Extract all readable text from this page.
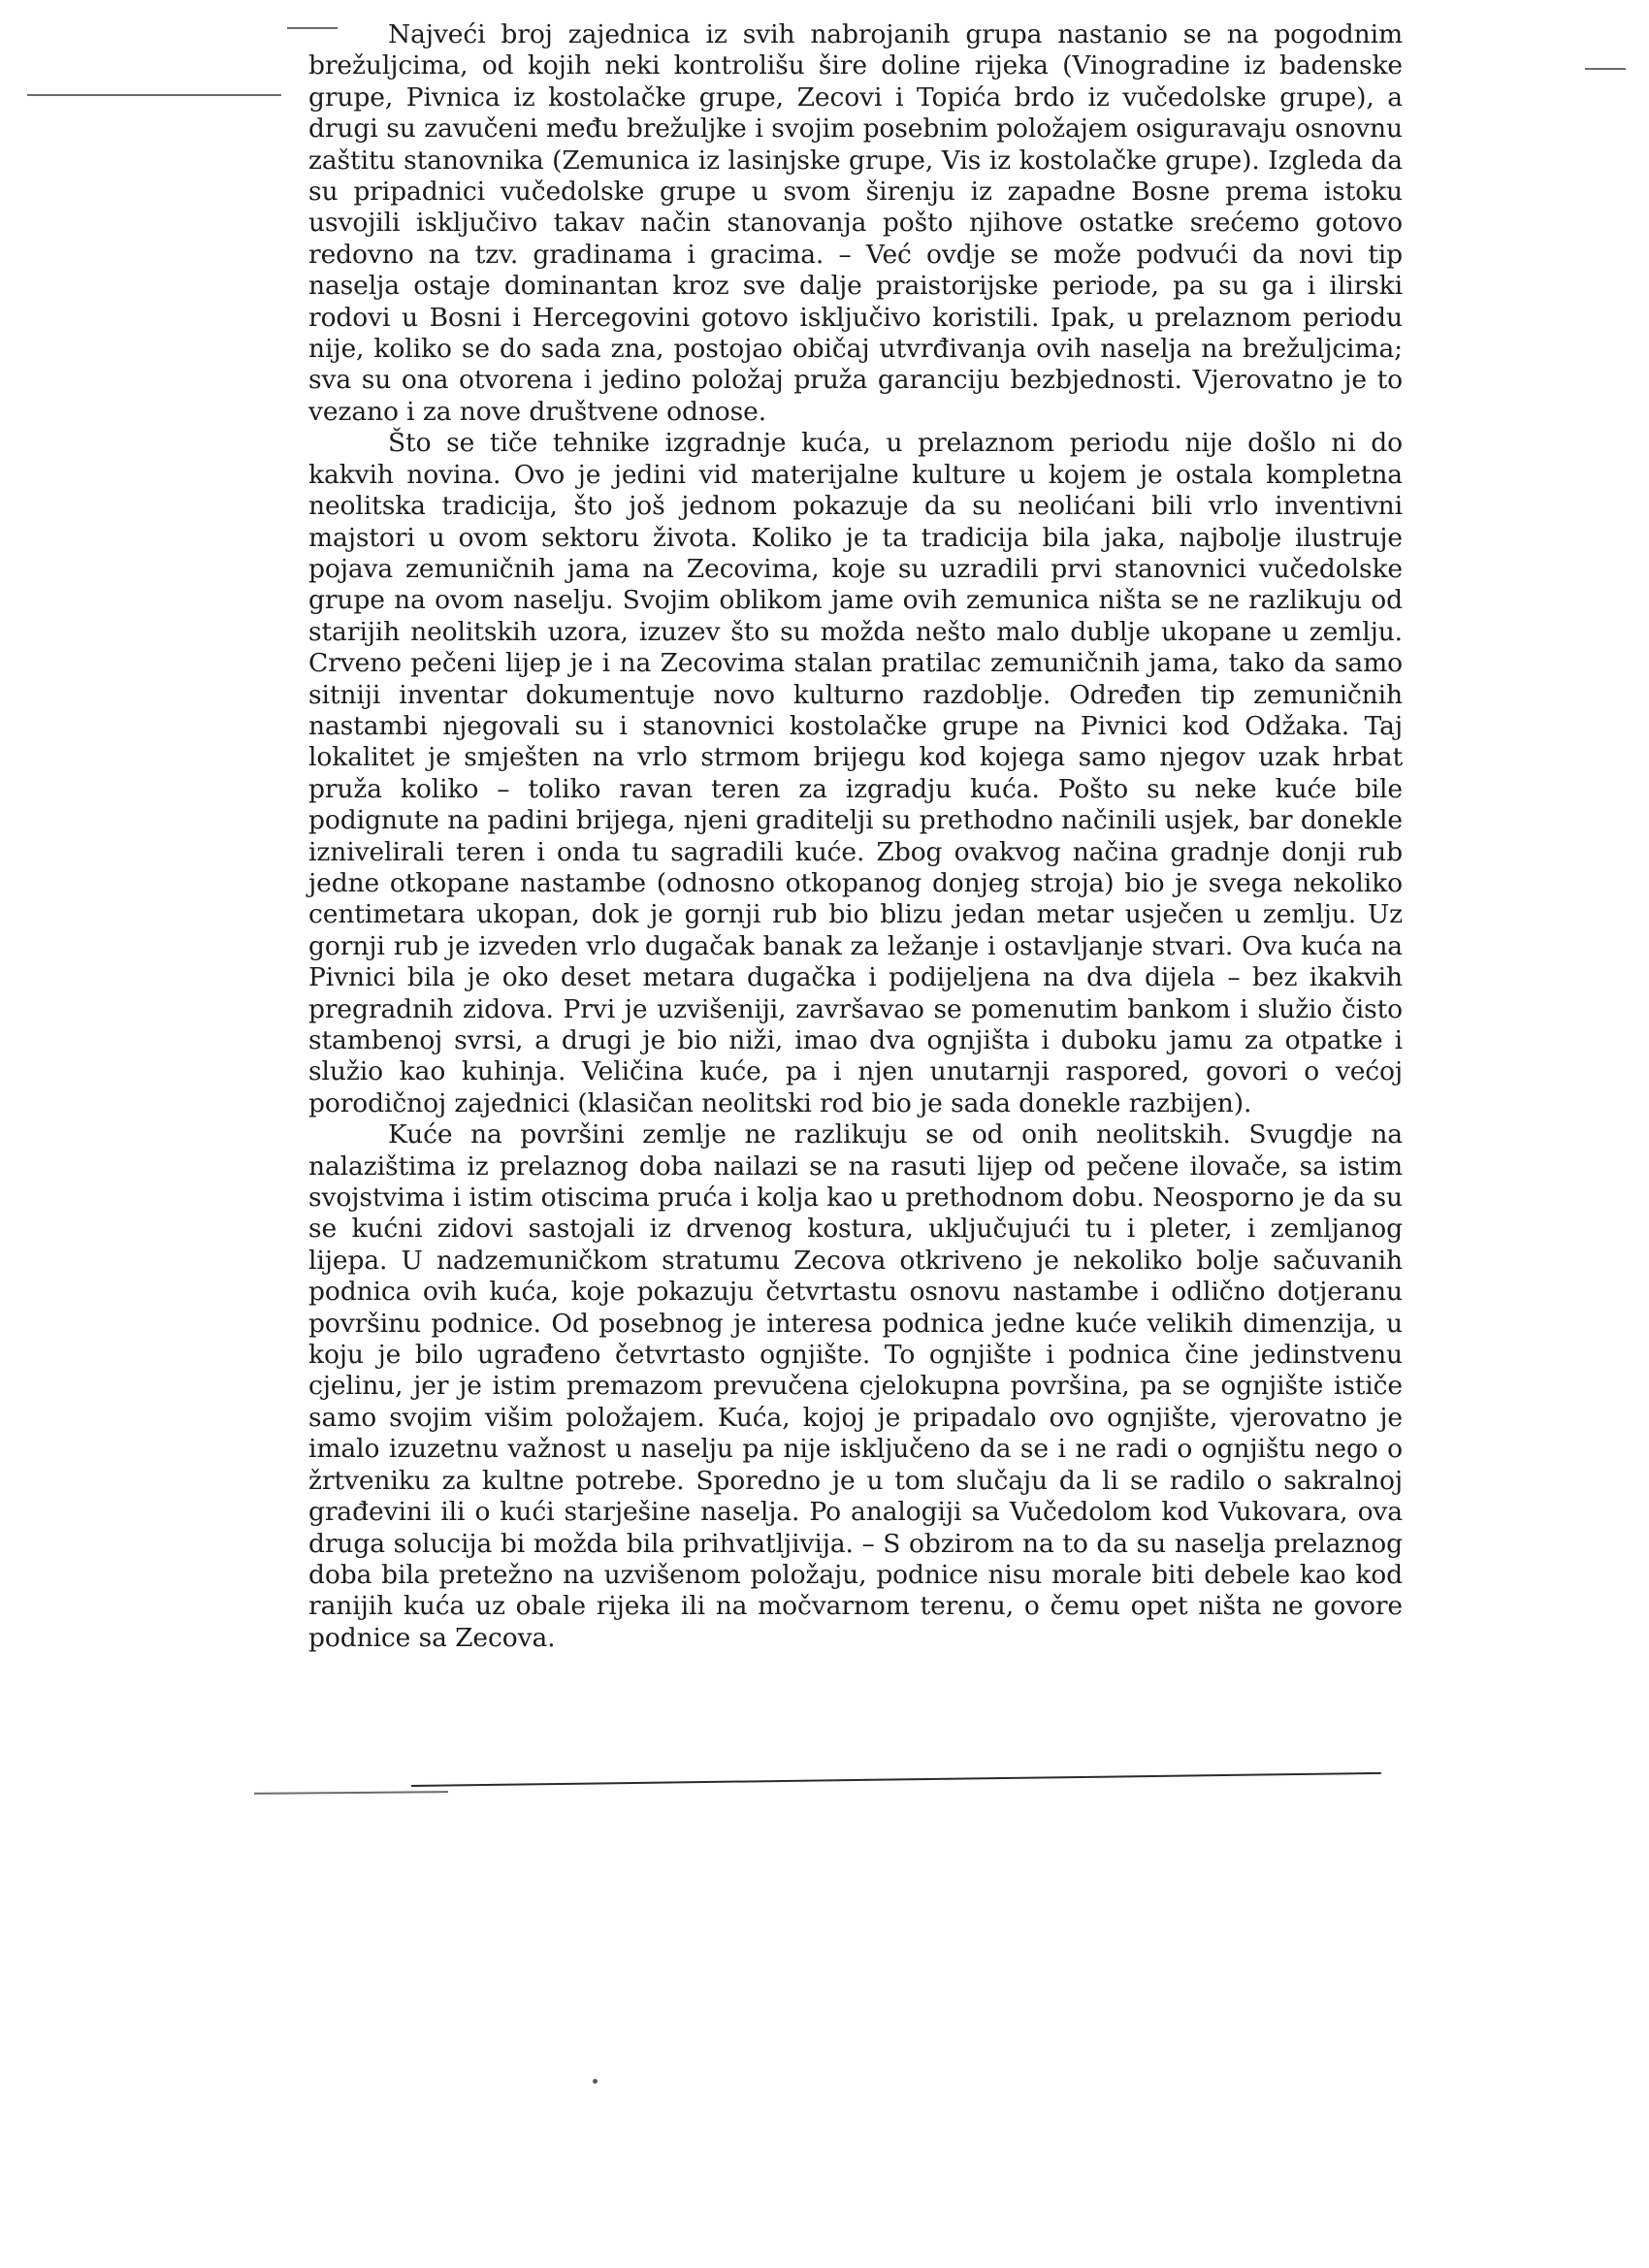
Najveći broj zajednica iz svih nabrojanih grupa nastanio se na pogodnim brežuljcima, od kojih neki kontrolišu šire doline rijeka (Vinogradine iz badenske grupe, Pivnica iz kostolačke grupe, Zecovi i Topića brdo iz vučedolske grupe), a drugi su zavučeni među brežuljke i svojim posebnim položajem osiguravaju osnovnu zaštitu stanovnika (Zemunica iz lasinjske grupe, Vis iz kostolačke grupe). Izgleda da su pripadnici vučedolske grupe u svom širenju iz zapadne Bosne prema istoku usvojili isključivo takav način stanovanja pošto njihove ostatke srećemo gotovo redovno na tzv. gradinama i gracima. – Već ovdje se može podvući da novi tip naselja ostaje dominantan kroz sve dalje praistorijske periode, pa su ga i ilirski rodovi u Bosni i Hercegovini gotovo isključivo koristili. Ipak, u prelaznom periodu nije, koliko se do sada zna, postojao običaj utvrđivanja ovih naselja na brežuljcima; sva su ona otvorena i jedino položaj pruža garanciju bezbjednosti. Vjerovatno je to vezano i za nove društvene odnose.

Što se tiče tehnike izgradnje kuća, u prelaznom periodu nije došlo ni do kakvih novina. Ovo je jedini vid materijalne kulture u kojem je ostala kompletna neolitska tradicija, što još jednom pokazuje da su neolićani bili vrlo inventivni majstori u ovom sektoru života. Koliko je ta tradicija bila jaka, najbolje ilustruje pojava zemuničnih jama na Zecovima, koje su uzradili prvi stanovnici vučedolske grupe na ovom naselju. Svojim oblikom jame ovih zemunica ništa se ne razlikuju od starijih neolitskih uzora, izuzev što su možda nešto malo dublje ukopane u zemlju. Crveno pečeni lijep je i na Zecovima stalan pratilac zemuničnih jama, tako da samo sitniji inventar dokumentuje novo kulturno razdoblje. Određen tip zemuničnih nastambi njegovali su i stanovnici kostolačke grupe na Pivnici kod Odžaka. Taj lokalitet je smješten na vrlo strmom brijegu kod kojega samo njegov uzak hrbat pruža koliko – toliko ravan teren za izgradju kuća. Pošto su neke kuće bile podignute na padini brijega, njeni graditelji su prethodno načinili usjek, bar donekle iznivelirali teren i onda tu sagradili kuće. Zbog ovakvog načina gradnje donji rub jedne otkopane nastambe (odnosno otkopanog donjeg stroja) bio je svega nekoliko centimetara ukopan, dok je gornji rub bio blizu jedan metar usječen u zemlju. Uz gornji rub je izveden vrlo dugačak banak za ležanje i ostavljanje stvari. Ova kuća na Pivnici bila je oko deset metara dugačka i podijeljena na dva dijela – bez ikakvih pregradnih zidova. Prvi je uzvišeniji, završavao se pomenutim bankom i služio čisto stambenoj svrsi, a drugi je bio niži, imao dva ognjišta i duboku jamu za otpatke i služio kao kuhinja. Veličina kuće, pa i njen unutarnji raspored, govori o većoj porodičnoj zajednici (klasičan neolitski rod bio je sada donekle razbijen).

Kuće na površini zemlje ne razlikuju se od onih neolitskih. Svugdje na nalazištima iz prelaznog doba nailazi se na rasuti lijep od pečene ilovače, sa istim svojstvima i istim otiscima pruća i kolja kao u prethodnom dobu. Neosporno je da su se kućni zidovi sastojali iz drvenog kostura, uključujući tu i pleter, i zemljanog lijepa. U nadzemuničkom stratumu Zecova otkriveno je nekoliko bolje sačuvanih podnica ovih kuća, koje pokazuju četvrtastu osnovu nastambe i odlično dotjeranu površinu podnice. Od posebnog je interesa podnica jedne kuće velikih dimenzija, u koju je bilo ugrađeno četvrtasto ognjište. To ognjište i podnica čine jedinstvenu cjelinu, jer je istim premazom prevučena cjelokupna površina, pa se ognjište ističe samo svojim višim položajem. Kuća, kojoj je pripadalo ovo ognjište, vjerovatno je imalo izuzetnu važnost u naselju pa nije isključeno da se i ne radi o ognjištu nego o žrtveniku za kultne potrebe. Sporedno je u tom slučaju da li se radilo o sakralnoj građevini ili o kući starješine naselja. Po analogiji sa Vučedolom kod Vukovara, ova druga solucija bi možda bila prihvatljivija. – S obzirom na to da su naselja prelaznog doba bila pretežno na uzvišenom položaju, podnice nisu morale biti debele kao kod ranijih kuća uz obale rijeka ili na močvarnom terenu, o čemu opet ništa ne govore podnice sa Zecova.
